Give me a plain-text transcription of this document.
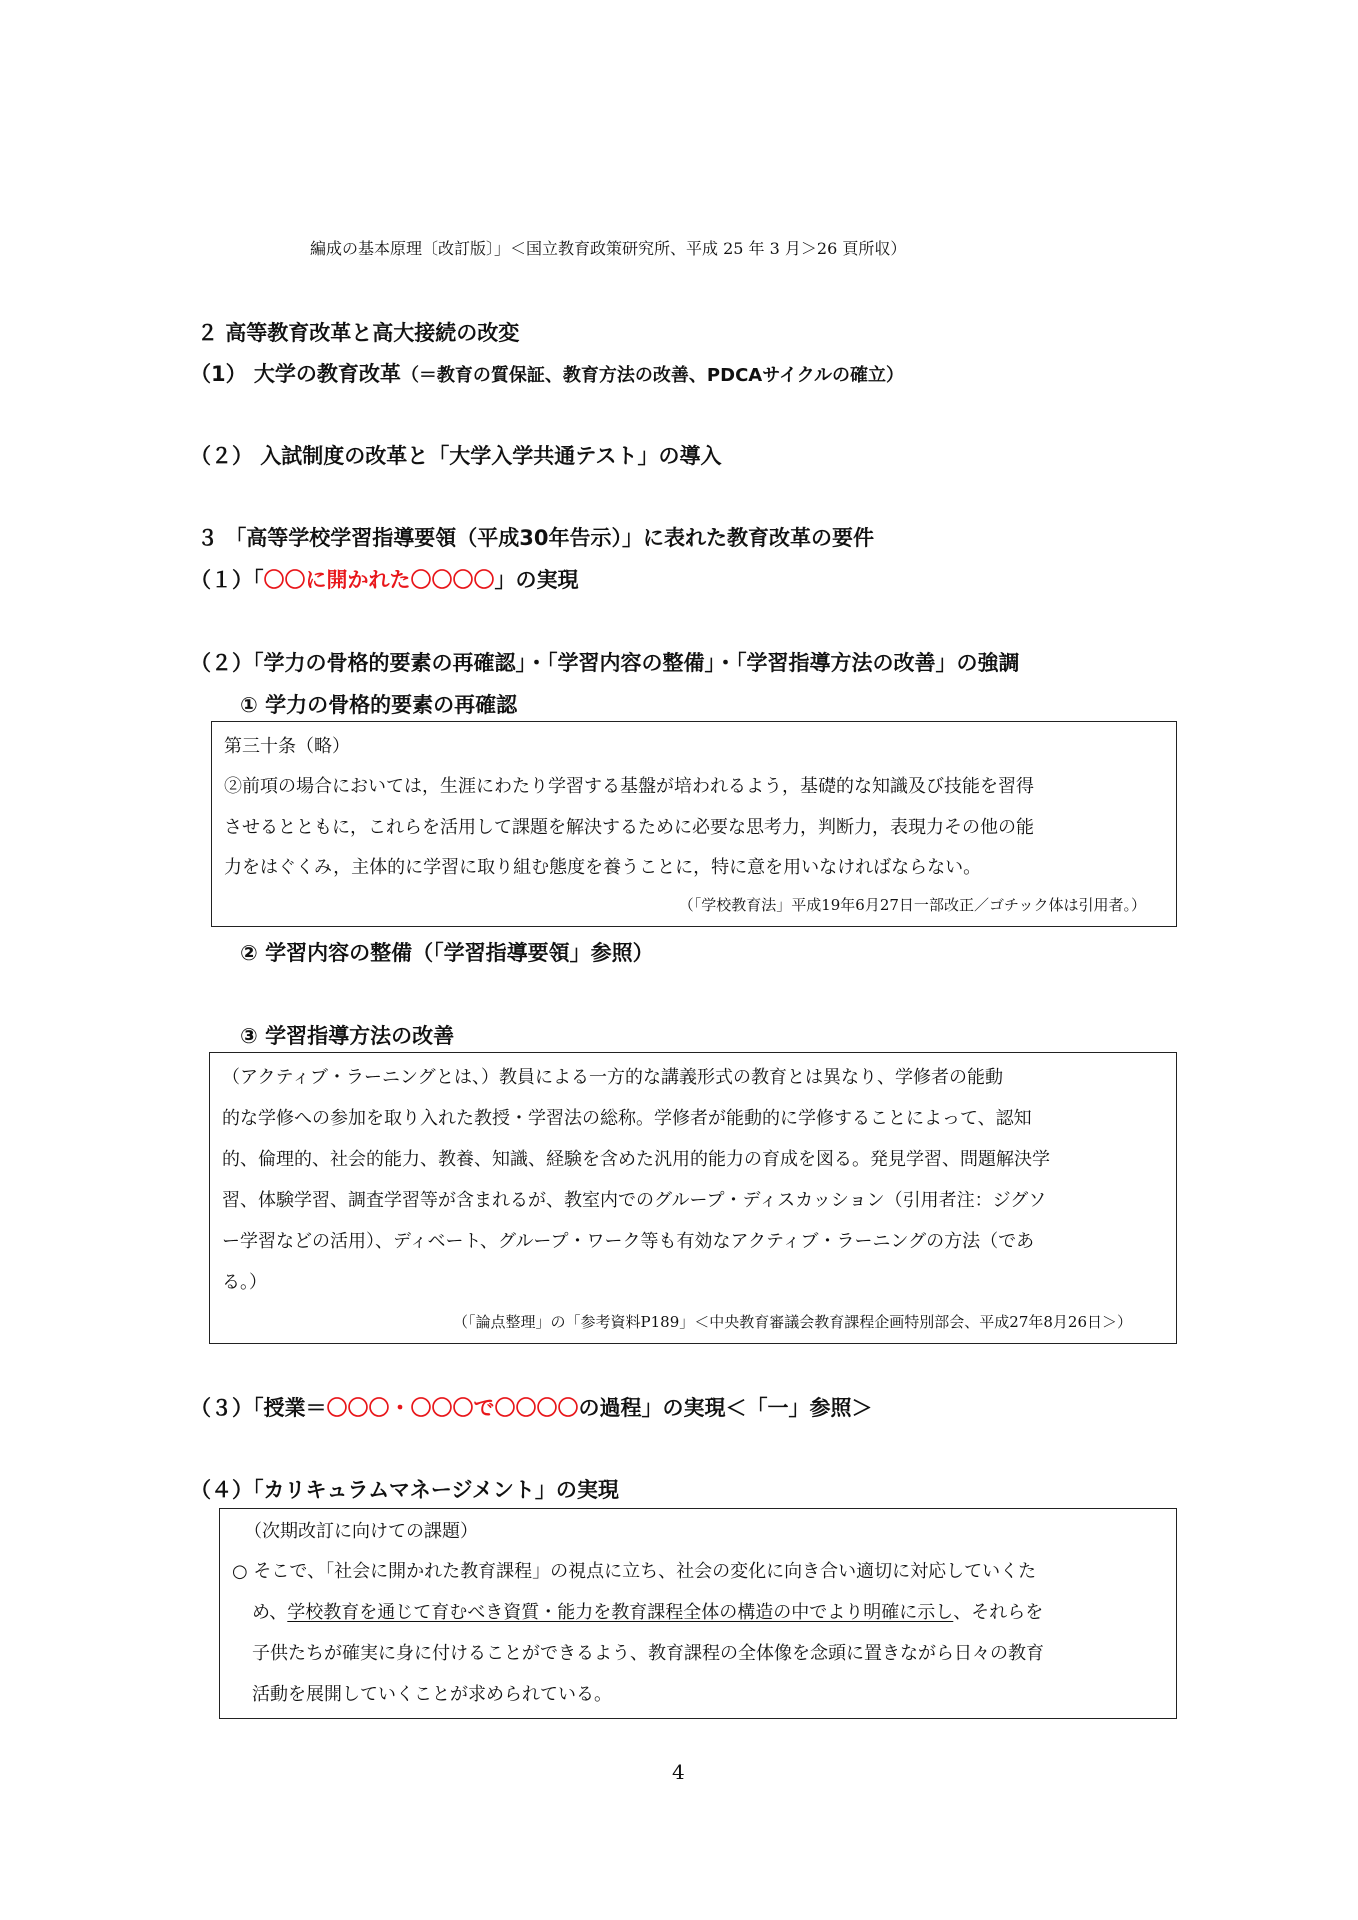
編成の基本原理〔改訂版〕」＜国立教育政策研究所、平成 25 年 3 月＞26 頁所収）
２ 高等教育改革と高大接続の改変
（1） 大学の教育改革（＝教育の質保証、教育方法の改善、PDCAサイクルの確立）
（２） 入試制度の改革と「大学入学共通テスト」の導入
３ 「高等学校学習指導要領（平成30年告示）」に表れた教育改革の要件
（１）「〇〇に開かれた〇〇〇〇」の実現
（２）「学力の骨格的要素の再確認」・「学習内容の整備」・「学習指導方法の改善」の強調
① 学力の骨格的要素の再確認
第三十条（略）
②前項の場合においては，生涯にわたり学習する基盤が培われるよう，基礎的な知識及び技能を習得
させるとともに，これらを活用して課題を解決するために必要な思考力，判断力，表現力その他の能
力をはぐくみ，主体的に学習に取り組む態度を養うことに，特に意を用いなければならない。
（「学校教育法」平成19年6月27日一部改正／ゴチック体は引用者。）
② 学習内容の整備（「学習指導要領」参照）
③ 学習指導方法の改善
（アクティブ・ラーニングとは、）教員による一方的な講義形式の教育とは異なり、学修者の能動
的な学修への参加を取り入れた教授・学習法の総称。学修者が能動的に学修することによって、認知
的、倫理的、社会的能力、教養、知識、経験を含めた汎用的能力の育成を図る。発見学習、問題解決学
習、体験学習、調査学習等が含まれるが、教室内でのグループ・ディスカッション（引用者注：ジグソ
ー学習などの活用）、ディベート、グループ・ワーク等も有効なアクティブ・ラーニングの方法（であ
る。）
（「論点整理」の「参考資料P189」＜中央教育審議会教育課程企画特別部会、平成27年8月26日＞）
（３）「授業＝〇〇〇・〇〇〇で〇〇〇〇の過程」の実現＜「一」参照＞
（４）「カリキュラムマネージメント」の実現
（次期改訂に向けての課題）
○ そこで、「社会に開かれた教育課程」の視点に立ち、社会の変化に向き合い適切に対応していくた
め、学校教育を通じて育むべき資質・能力を教育課程全体の構造の中でより明確に示し、それらを
子供たちが確実に身に付けることができるよう、教育課程の全体像を念頭に置きながら日々の教育
活動を展開していくことが求められている。
4
